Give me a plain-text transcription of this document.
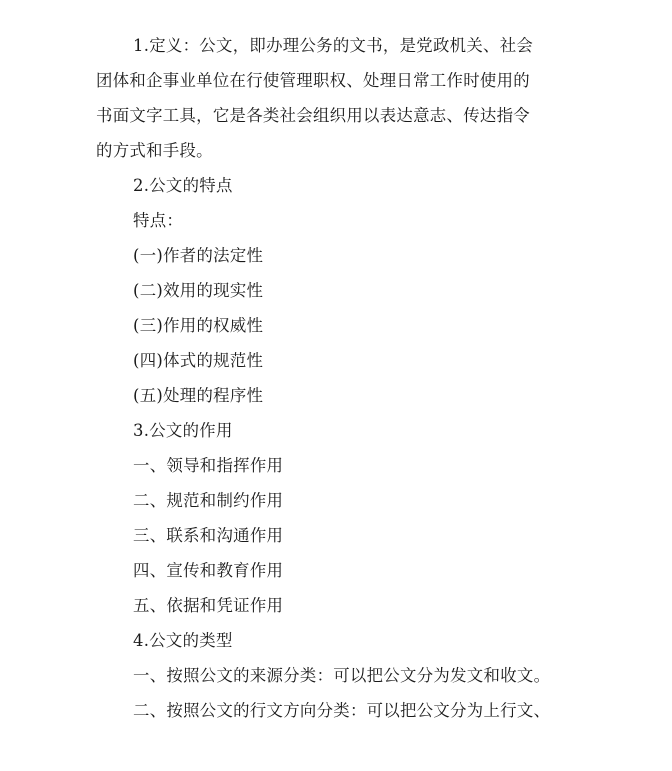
1.定义：公文，即办理公务的文书，是党政机关、社会

团体和企事业单位在行使管理职权、处理日常工作时使用的

书面文字工具，它是各类社会组织用以表达意志、传达指令

的方式和手段。

2.公文的特点

特点：

(一)作者的法定性

(二)效用的现实性

(三)作用的权威性

(四)体式的规范性

(五)处理的程序性

3.公文的作用

一、领导和指挥作用

二、规范和制约作用

三、联系和沟通作用

四、宣传和教育作用

五、依据和凭证作用

4.公文的类型

一、按照公文的来源分类：可以把公文分为发文和收文。

二、按照公文的行文方向分类：可以把公文分为上行文、
